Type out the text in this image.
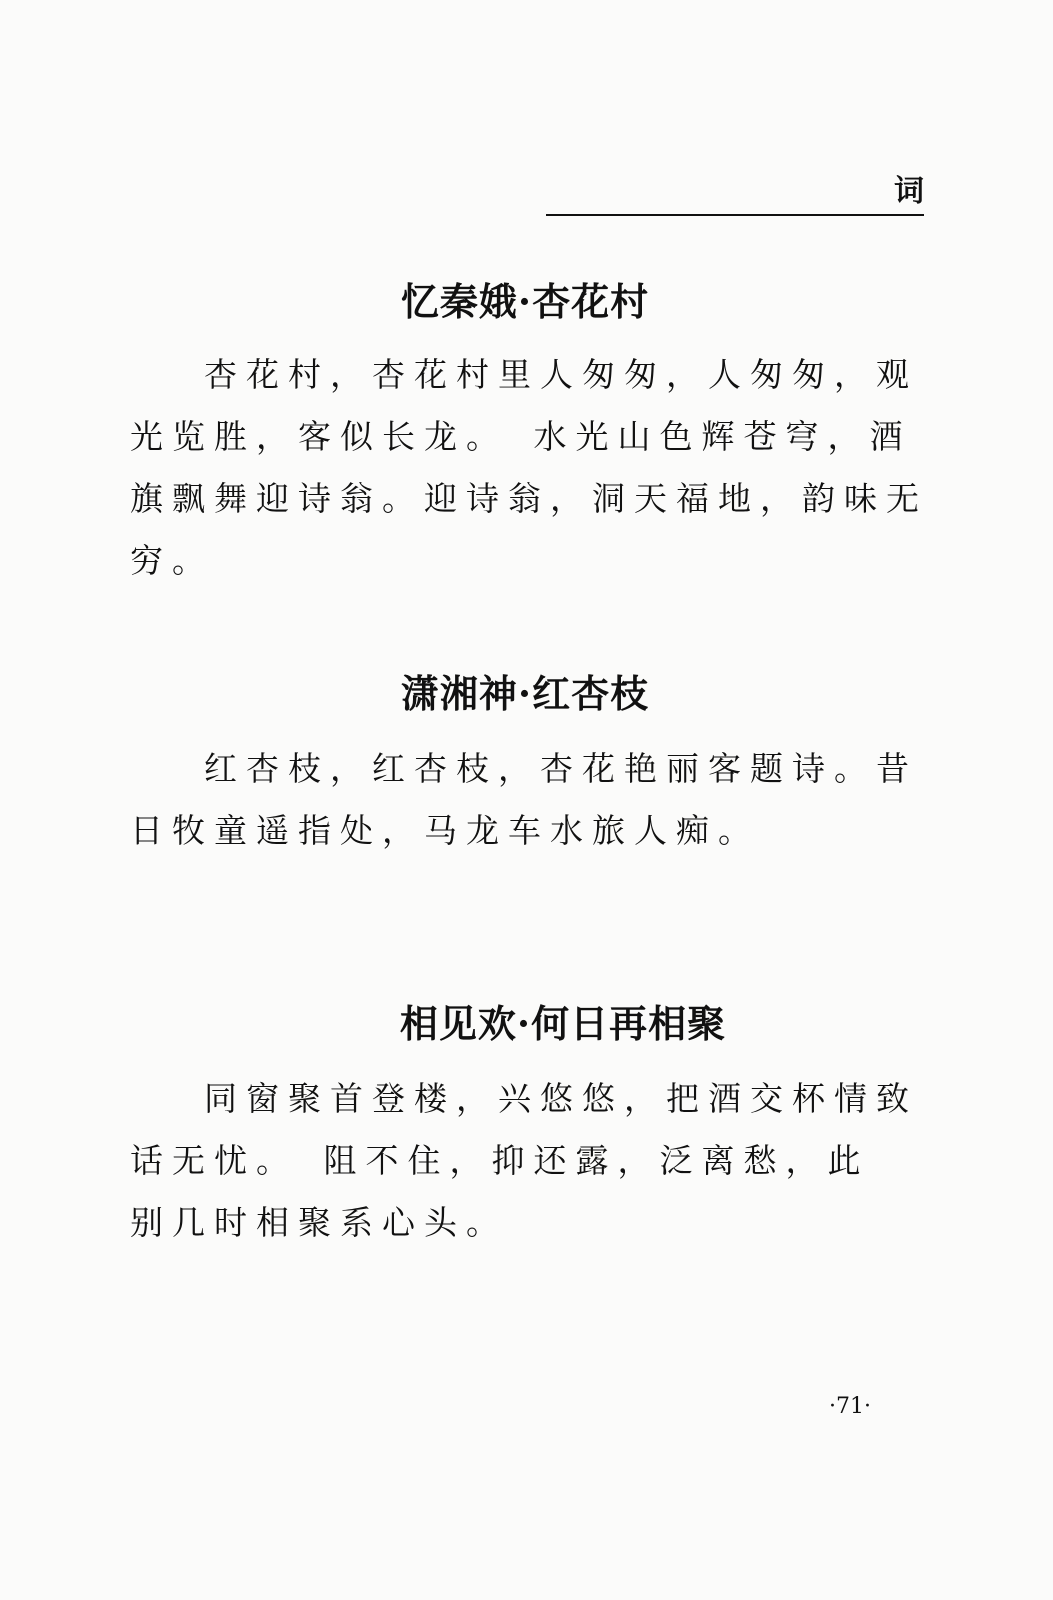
词
忆秦娥·杏花村
杏花村，杏花村里人匆匆，人匆匆，观
光览胜，客似长龙。　水光山色辉苍穹，酒
旗飘舞迎诗翁。迎诗翁，洞天福地，韵味无
穷。
潇湘神·红杏枝
红杏枝，红杏枝，杏花艳丽客题诗。昔
日牧童遥指处，马龙车水旅人痴。
相见欢·何日再相聚
同窗聚首登楼，兴悠悠，把酒交杯情致
话无忧。　阻不住，抑还露，泛离愁，此
别几时相聚系心头。
·71·
